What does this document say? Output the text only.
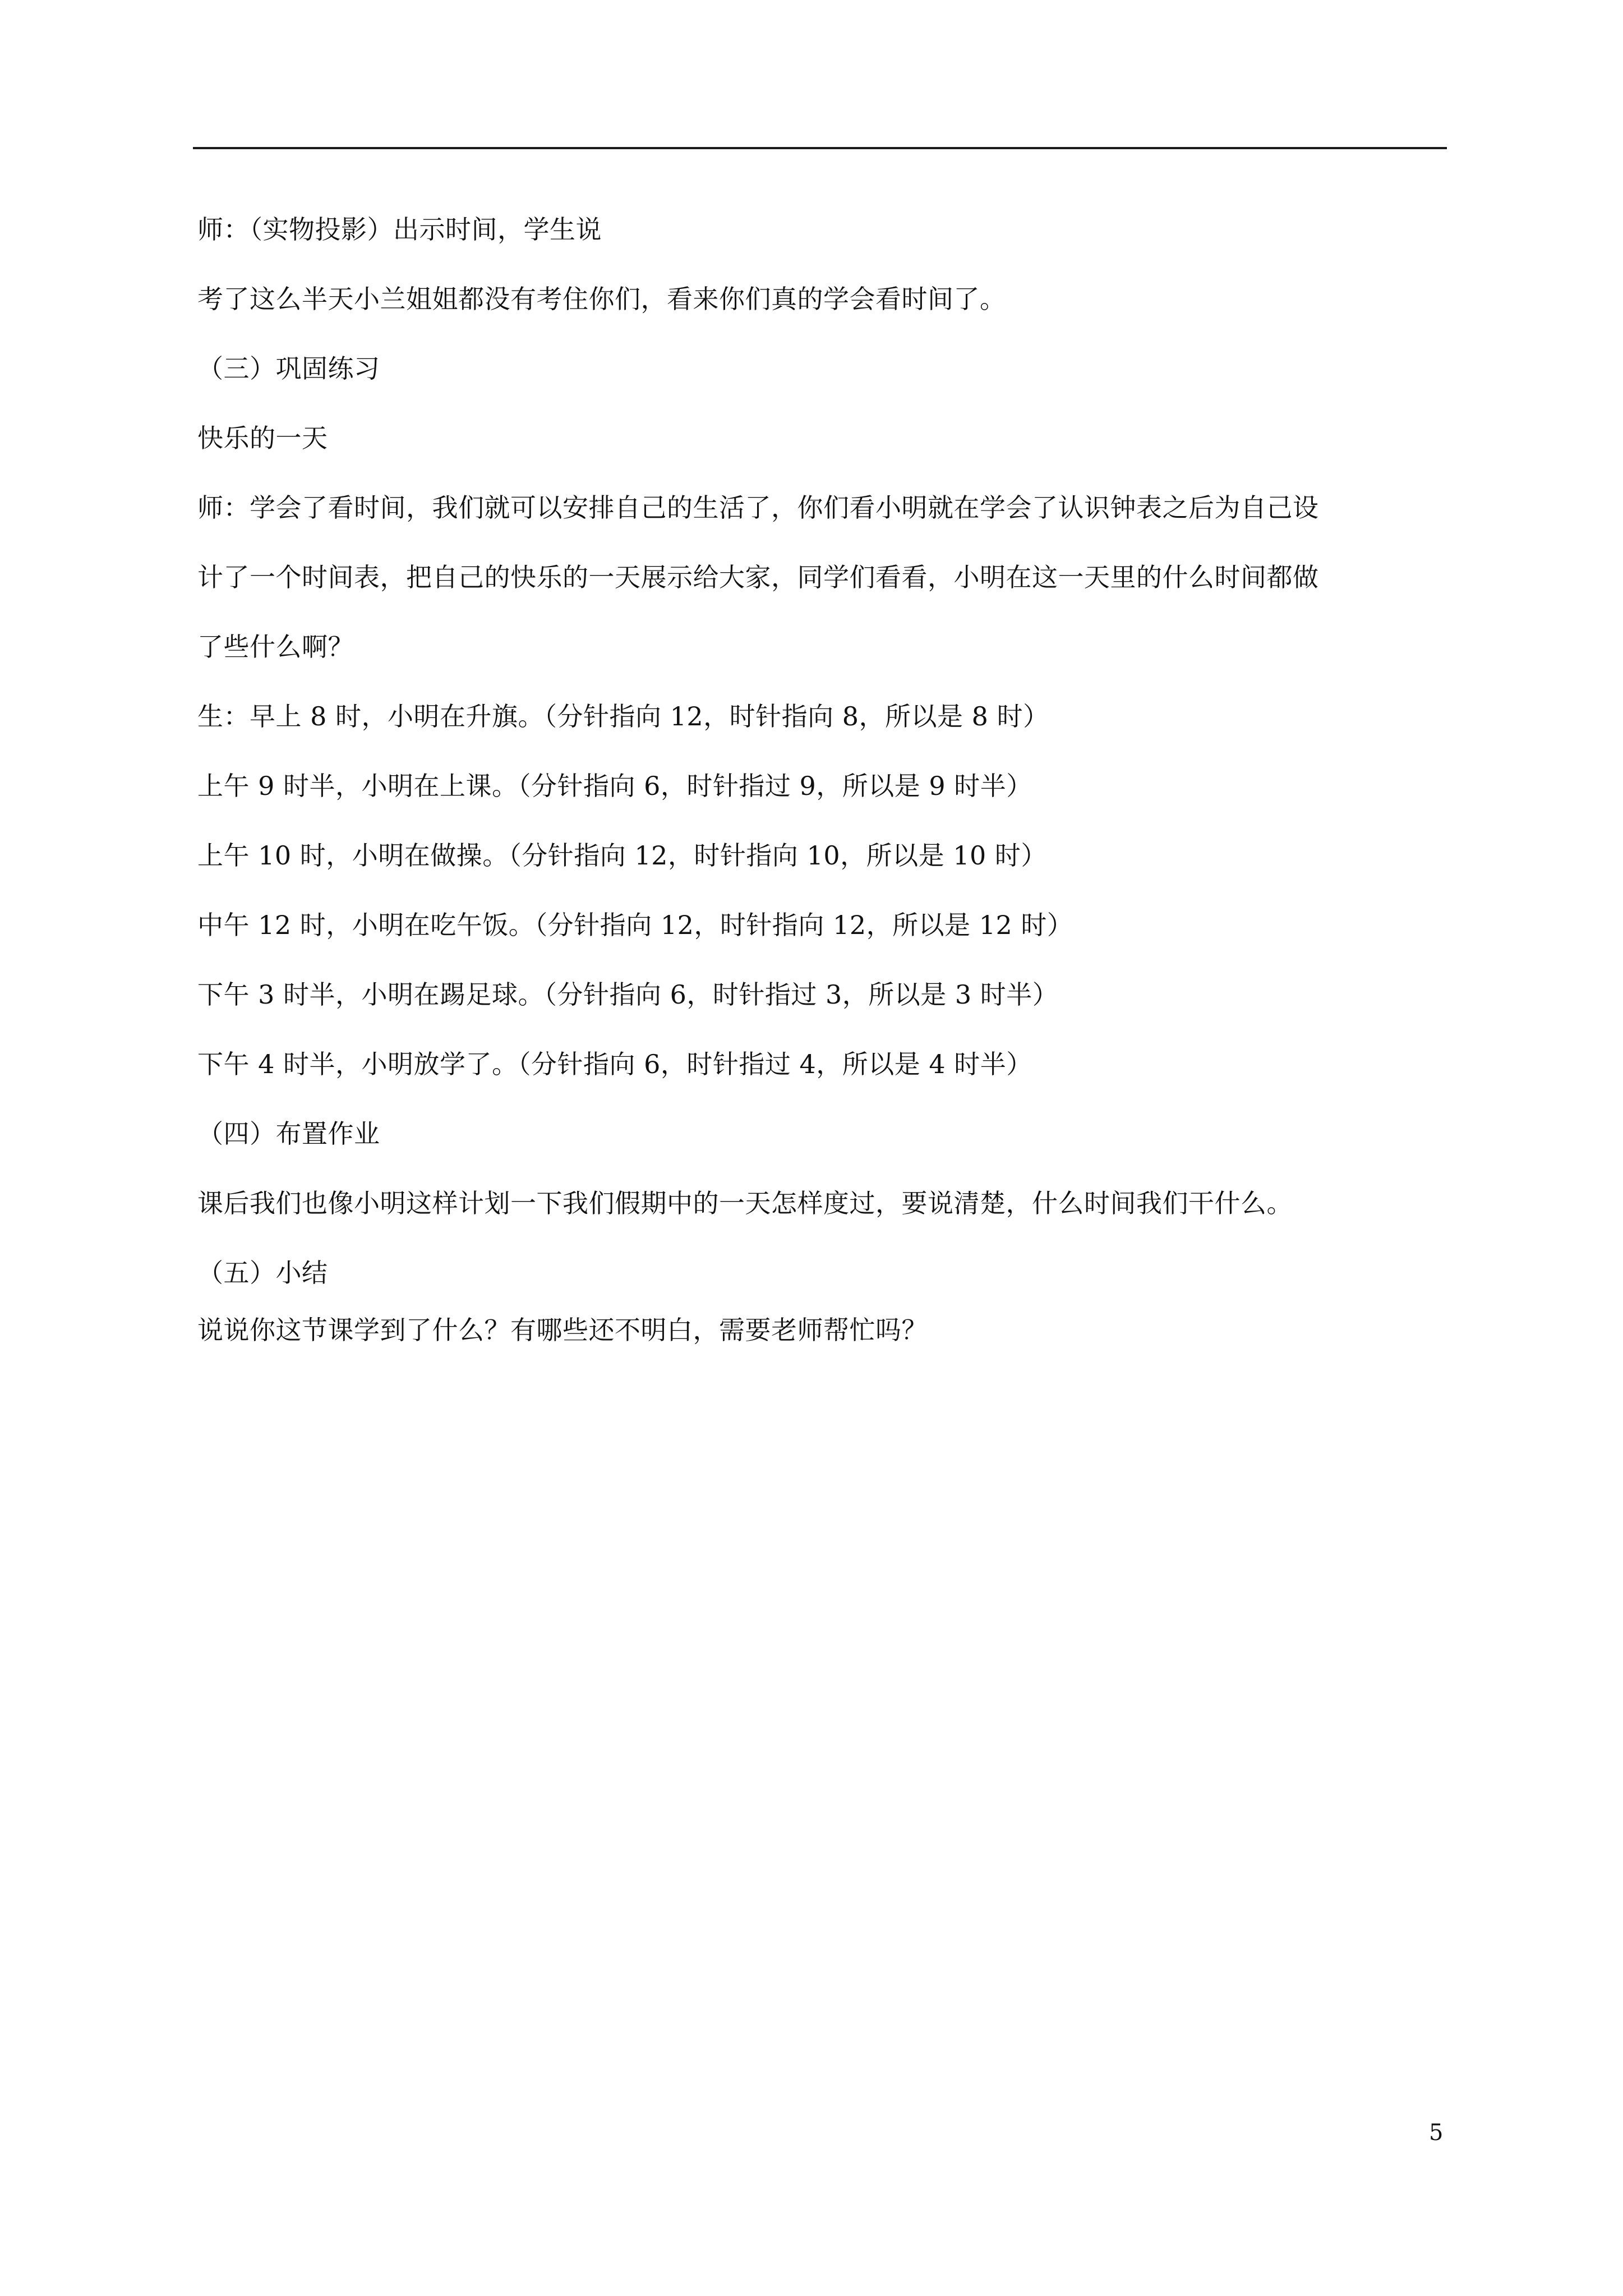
师：（实物投影）出示时间，学生说

考了这么半天小兰姐姐都没有考住你们，看来你们真的学会看时间了。

（三）巩固练习

快乐的一天

师：学会了看时间，我们就可以安排自己的生活了，你们看小明就在学会了认识钟表之后为自己设
计了一个时间表，把自己的快乐的一天展示给大家，同学们看看，小明在这一天里的什么时间都做
了些什么啊？

生：早上 8 时，小明在升旗。（分针指向 12，时针指向 8，所以是 8 时）

上午 9 时半，小明在上课。（分针指向 6，时针指过 9，所以是 9 时半）

上午 10 时，小明在做操。（分针指向 12，时针指向 10，所以是 10 时）

中午 12 时，小明在吃午饭。（分针指向 12，时针指向 12，所以是 12 时）

下午 3 时半，小明在踢足球。（分针指向 6，时针指过 3，所以是 3 时半）

下午 4 时半，小明放学了。（分针指向 6，时针指过 4，所以是 4 时半）

（四）布置作业

课后我们也像小明这样计划一下我们假期中的一天怎样度过，要说清楚，什么时间我们干什么。

（五）小结

说说你这节课学到了什么？有哪些还不明白，需要老师帮忙吗？

5
